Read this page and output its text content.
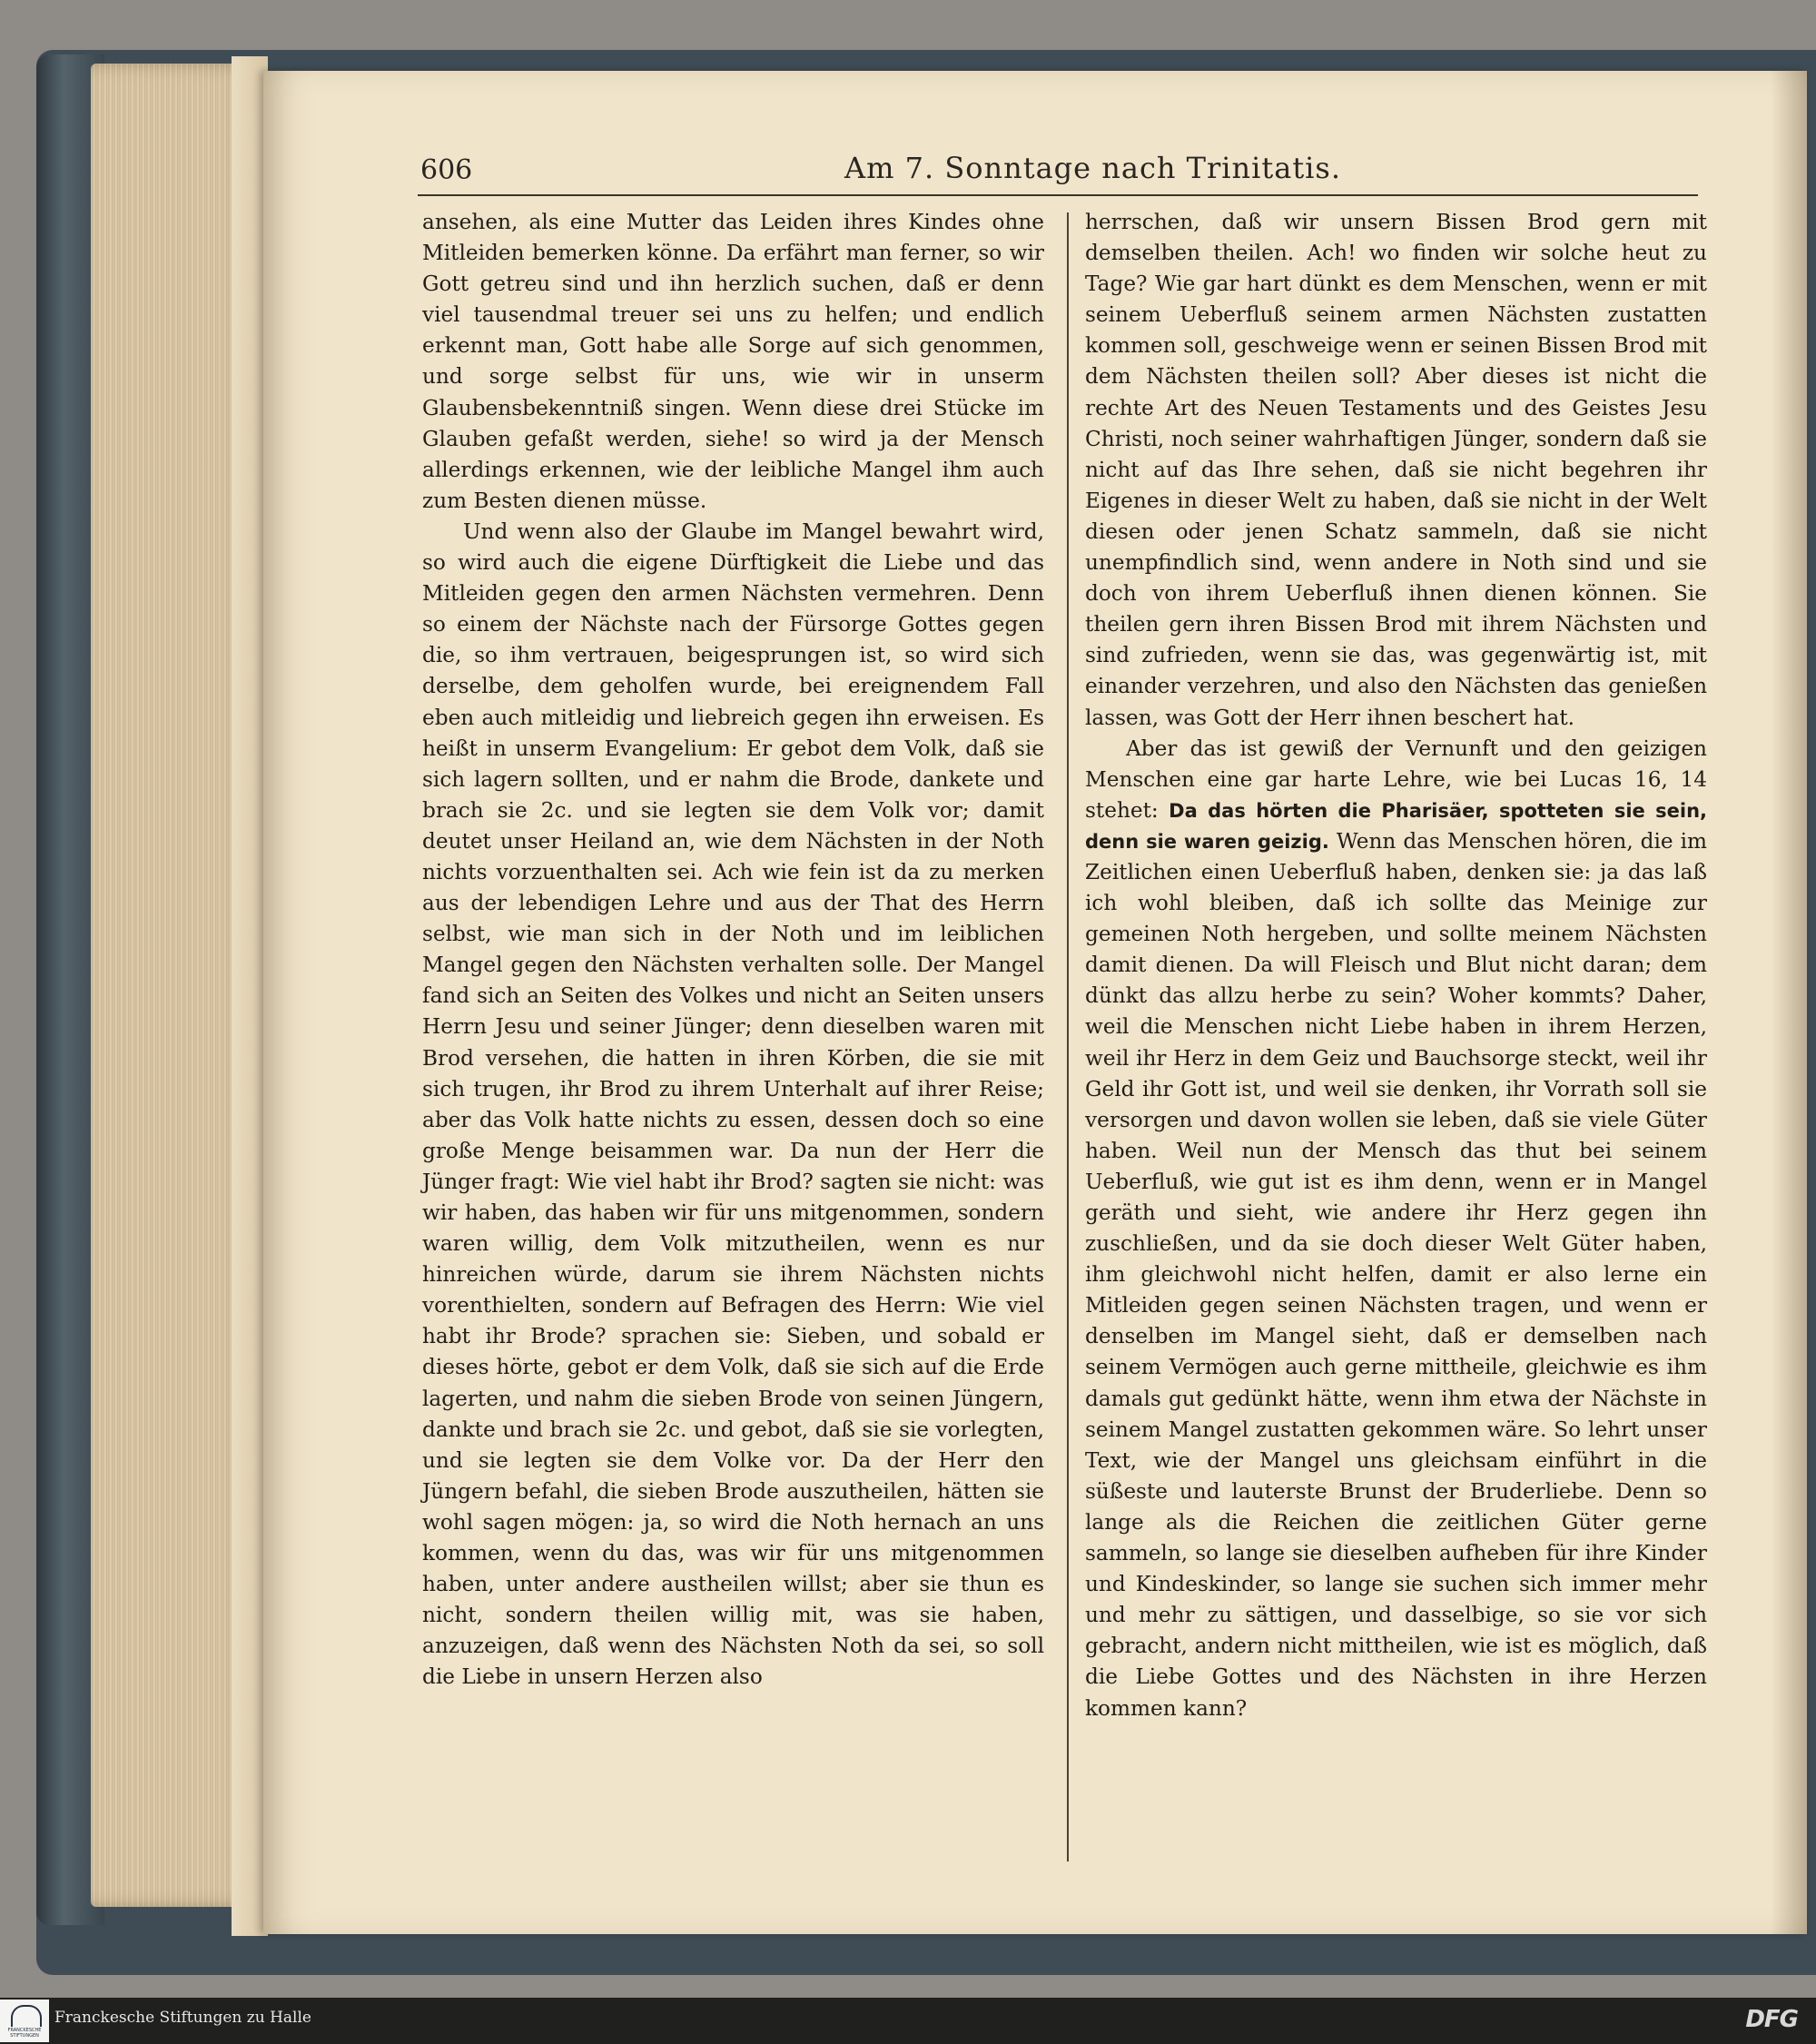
606	Am 7. Sonntage nach Trinitatis.

ansehen, als eine Mutter das Leiden ihres Kindes ohne Mitleiden bemerken könne. Da erfährt man ferner, so wir Gott getreu sind und ihn herzlich suchen, daß er denn viel tausendmal treuer sei uns zu helfen; und endlich erkennt man, Gott habe alle Sorge auf sich genommen, und sorge selbst für uns, wie wir in unserm Glaubensbekenntniß singen. Wenn diese drei Stücke im Glauben gefaßt werden, siehe! so wird ja der Mensch allerdings erkennen, wie der leibliche Mangel ihm auch zum Besten dienen müsse.

Und wenn also der Glaube im Mangel bewahrt wird, so wird auch die eigene Dürftigkeit die Liebe und das Mitleiden gegen den armen Nächsten vermehren. Denn so einem der Nächste nach der Fürsorge Gottes gegen die, so ihm vertrauen, beigesprungen ist, so wird sich derselbe, dem geholfen wurde, bei ereignendem Fall eben auch mitleidig und liebreich gegen ihn erweisen. Es heißt in unserm Evangelium: Er gebot dem Volk, daß sie sich lagern sollten, und er nahm die Brode, dankete und brach sie 2c. und sie legten sie dem Volk vor; damit deutet unser Heiland an, wie dem Nächsten in der Noth nichts vorzuenthalten sei. Ach wie fein ist da zu merken aus der lebendigen Lehre und aus der That des Herrn selbst, wie man sich in der Noth und im leiblichen Mangel gegen den Nächsten verhalten solle. Der Mangel fand sich an Seiten des Volkes und nicht an Seiten unsers Herrn Jesu und seiner Jünger; denn dieselben waren mit Brod versehen, die hatten in ihren Körben, die sie mit sich trugen, ihr Brod zu ihrem Unterhalt auf ihrer Reise; aber das Volk hatte nichts zu essen, dessen doch so eine große Menge beisammen war. Da nun der Herr die Jünger fragt: Wie viel habt ihr Brod? sagten sie nicht: was wir haben, das haben wir für uns mitgenommen, sondern waren willig, dem Volk mitzutheilen, wenn es nur hinreichen würde, darum sie ihrem Nächsten nichts vorenthielten, sondern auf Befragen des Herrn: Wie viel habt ihr Brode? sprachen sie: Sieben, und sobald er dieses hörte, gebot er dem Volk, daß sie sich auf die Erde lagerten, und nahm die sieben Brode von seinen Jüngern, dankte und brach sie 2c. und gebot, daß sie sie vorlegten, und sie legten sie dem Volke vor. Da der Herr den Jüngern befahl, die sieben Brode auszutheilen, hätten sie wohl sagen mögen: ja, so wird die Noth hernach an uns kommen, wenn du das, was wir für uns mitgenommen haben, unter andere austheilen willst; aber sie thun es nicht, sondern theilen willig mit, was sie haben, anzuzeigen, daß wenn des Nächsten Noth da sei, so soll die Liebe in unsern Herzen also

herrschen, daß wir unsern Bissen Brod gern mit demselben theilen. Ach! wo finden wir solche heut zu Tage? Wie gar hart dünkt es dem Menschen, wenn er mit seinem Ueberfluß seinem armen Nächsten zustatten kommen soll, geschweige wenn er seinen Bissen Brod mit dem Nächsten theilen soll? Aber dieses ist nicht die rechte Art des Neuen Testaments und des Geistes Jesu Christi, noch seiner wahrhaftigen Jünger, sondern daß sie nicht auf das Ihre sehen, daß sie nicht begehren ihr Eigenes in dieser Welt zu haben, daß sie nicht in der Welt diesen oder jenen Schatz sammeln, daß sie nicht unempfindlich sind, wenn andere in Noth sind und sie doch von ihrem Ueberfluß ihnen dienen können. Sie theilen gern ihren Bissen Brod mit ihrem Nächsten und sind zufrieden, wenn sie das, was gegenwärtig ist, mit einander verzehren, und also den Nächsten das genießen lassen, was Gott der Herr ihnen beschert hat.

Aber das ist gewiß der Vernunft und den geizigen Menschen eine gar harte Lehre, wie bei Lucas 16, 14 stehet: Da das hörten die Pharisäer, spotteten sie sein, denn sie waren geizig. Wenn das Menschen hören, die im Zeitlichen einen Ueberfluß haben, denken sie: ja das laß ich wohl bleiben, daß ich sollte das Meinige zur gemeinen Noth hergeben, und sollte meinem Nächsten damit dienen. Da will Fleisch und Blut nicht daran; dem dünkt das allzu herbe zu sein? Woher kommts? Daher, weil die Menschen nicht Liebe haben in ihrem Herzen, weil ihr Herz in dem Geiz und Bauchsorge steckt, weil ihr Geld ihr Gott ist, und weil sie denken, ihr Vorrath soll sie versorgen und davon wollen sie leben, daß sie viele Güter haben. Weil nun der Mensch das thut bei seinem Ueberfluß, wie gut ist es ihm denn, wenn er in Mangel geräth und sieht, wie andere ihr Herz gegen ihn zuschließen, und da sie doch dieser Welt Güter haben, ihm gleichwohl nicht helfen, damit er also lerne ein Mitleiden gegen seinen Nächsten tragen, und wenn er denselben im Mangel sieht, daß er demselben nach seinem Vermögen auch gerne mittheile, gleichwie es ihm damals gut gedünkt hätte, wenn ihm etwa der Nächste in seinem Mangel zustatten gekommen wäre. So lehrt unser Text, wie der Mangel uns gleichsam einführt in die süßeste und lauterste Brunst der Bruderliebe. Denn so lange als die Reichen die zeitlichen Güter gerne sammeln, so lange sie dieselben aufheben für ihre Kinder und Kindeskinder, so lange sie suchen sich immer mehr und mehr zu sättigen, und dasselbige, so sie vor sich gebracht, andern nicht mittheilen, wie ist es möglich, daß die Liebe Gottes und des Nächsten in ihre Herzen kommen kann?

FRANCKESCHE STIFTUNGEN
Franckesche Stiftungen zu Halle	DFG
